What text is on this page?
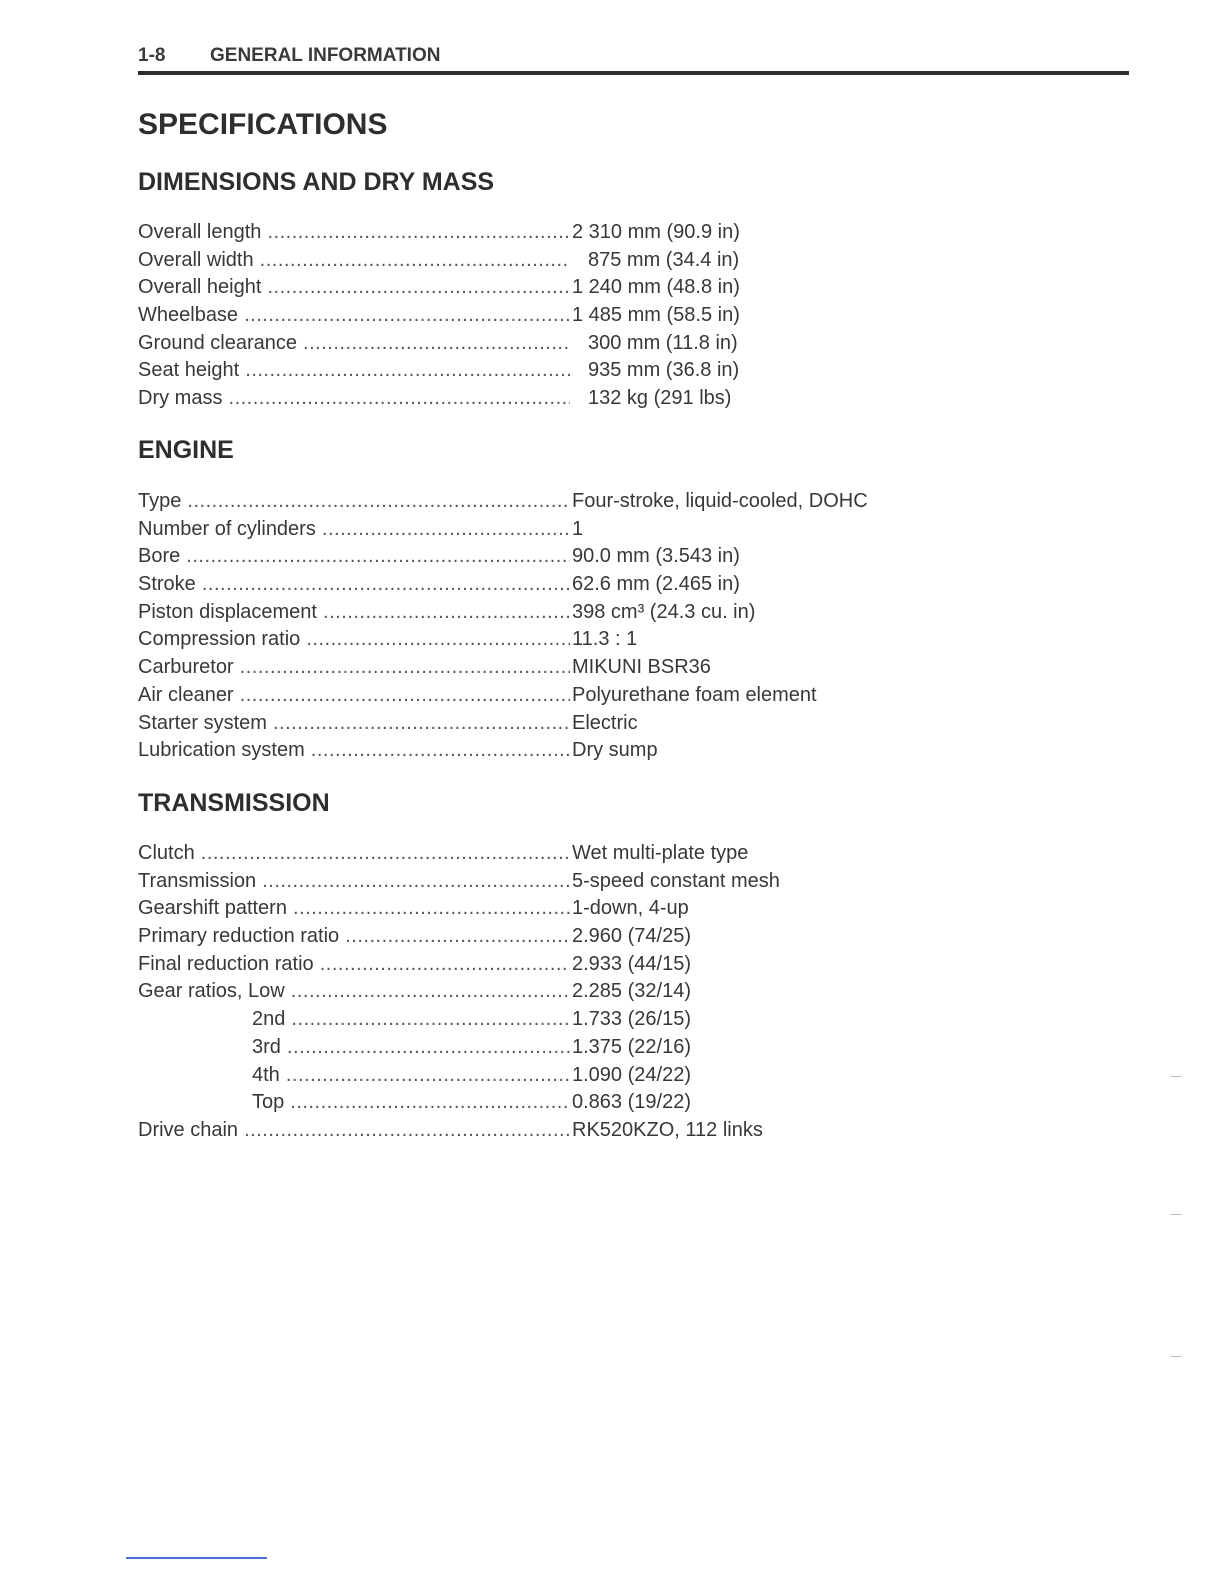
1-8 GENERAL INFORMATION
SPECIFICATIONS
DIMENSIONS AND DRY MASS
Overall length .....	2 310 mm (90.9 in)
Overall width .....	875 mm (34.4 in)
Overall height .....	1 240 mm (48.8 in)
Wheelbase .....	1 485 mm (58.5 in)
Ground clearance .....	300 mm (11.8 in)
Seat height .....	935 mm (36.8 in)
Dry mass .....	132 kg (291 lbs)
ENGINE
Type .....	Four-stroke, liquid-cooled, DOHC
Number of cylinders .....	1
Bore .....	90.0 mm (3.543 in)
Stroke .....	62.6 mm (2.465 in)
Piston displacement .....	398 cm³ (24.3 cu. in)
Compression ratio .....	11.3 : 1
Carburetor .....	MIKUNI BSR36
Air cleaner .....	Polyurethane foam element
Starter system .....	Electric
Lubrication system .....	Dry sump
TRANSMISSION
Clutch .....	Wet multi-plate type
Transmission .....	5-speed constant mesh
Gearshift pattern .....	1-down, 4-up
Primary reduction ratio .....	2.960 (74/25)
Final reduction ratio .....	2.933 (44/15)
Gear ratios, Low .....	2.285 (32/14)
2nd .....	1.733 (26/15)
3rd .....	1.375 (22/16)
4th .....	1.090 (24/22)
Top .....	0.863 (19/22)
Drive chain .....	RK520KZO, 112 links
